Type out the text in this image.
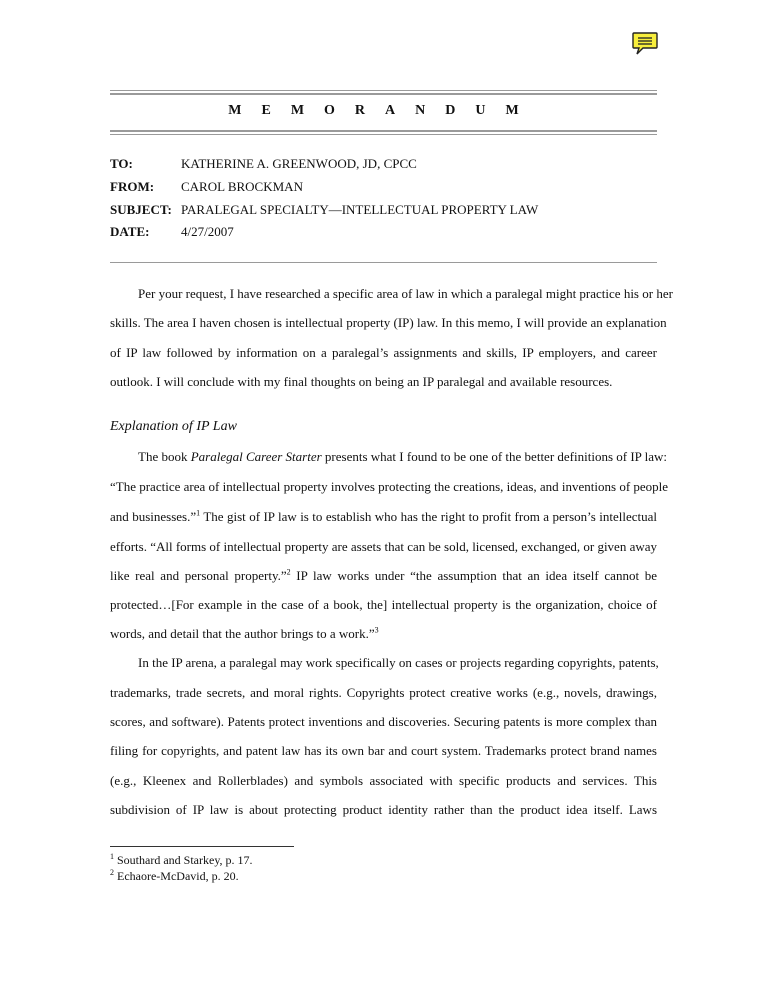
MEMORANDUM
TO:	KATHERINE A. GREENWOOD, JD, CPCC
FROM: CAROL BROCKMAN
SUBJECT: PARALEGAL SPECIALTY—INTELLECTUAL PROPERTY LAW
DATE: 4/27/2007
Per your request, I have researched a specific area of law in which a paralegal might practice his or her
skills. The area I haven chosen is intellectual property (IP) law. In this memo, I will provide an explanation
of IP law followed by information on a paralegal’s assignments and skills, IP employers, and career
outlook. I will conclude with my final thoughts on being an IP paralegal and available resources.
Explanation of IP Law
The book Paralegal Career Starter presents what I found to be one of the better definitions of IP law:
“The practice area of intellectual property involves protecting the creations, ideas, and inventions of people
and businesses.”$^1$ The gist of IP law is to establish who has the right to profit from a person’s intellectual
efforts. “All forms of intellectual property are assets that can be sold, licensed, exchanged, or given away
like real and personal property.”$^2$ IP law works under “the assumption that an idea itself cannot be
protected…[For example in the case of a book, the] intellectual property is the organization, choice of
words, and detail that the author brings to a work.”$^3$
In the IP arena, a paralegal may work specifically on cases or projects regarding copyrights, patents,
trademarks, trade secrets, and moral rights. Copyrights protect creative works (e.g., novels, drawings,
scores, and software). Patents protect inventions and discoveries. Securing patents is more complex than
filing for copyrights, and patent law has its own bar and court system. Trademarks protect brand names
(e.g., Kleenex and Rollerblades) and symbols associated with specific products and services. This
subdivision of IP law is about protecting product identity rather than the product idea itself. Laws
$^1$ Southard and Starkey, p. 17.
$^2$ Echaore-McDavid, p. 20.
